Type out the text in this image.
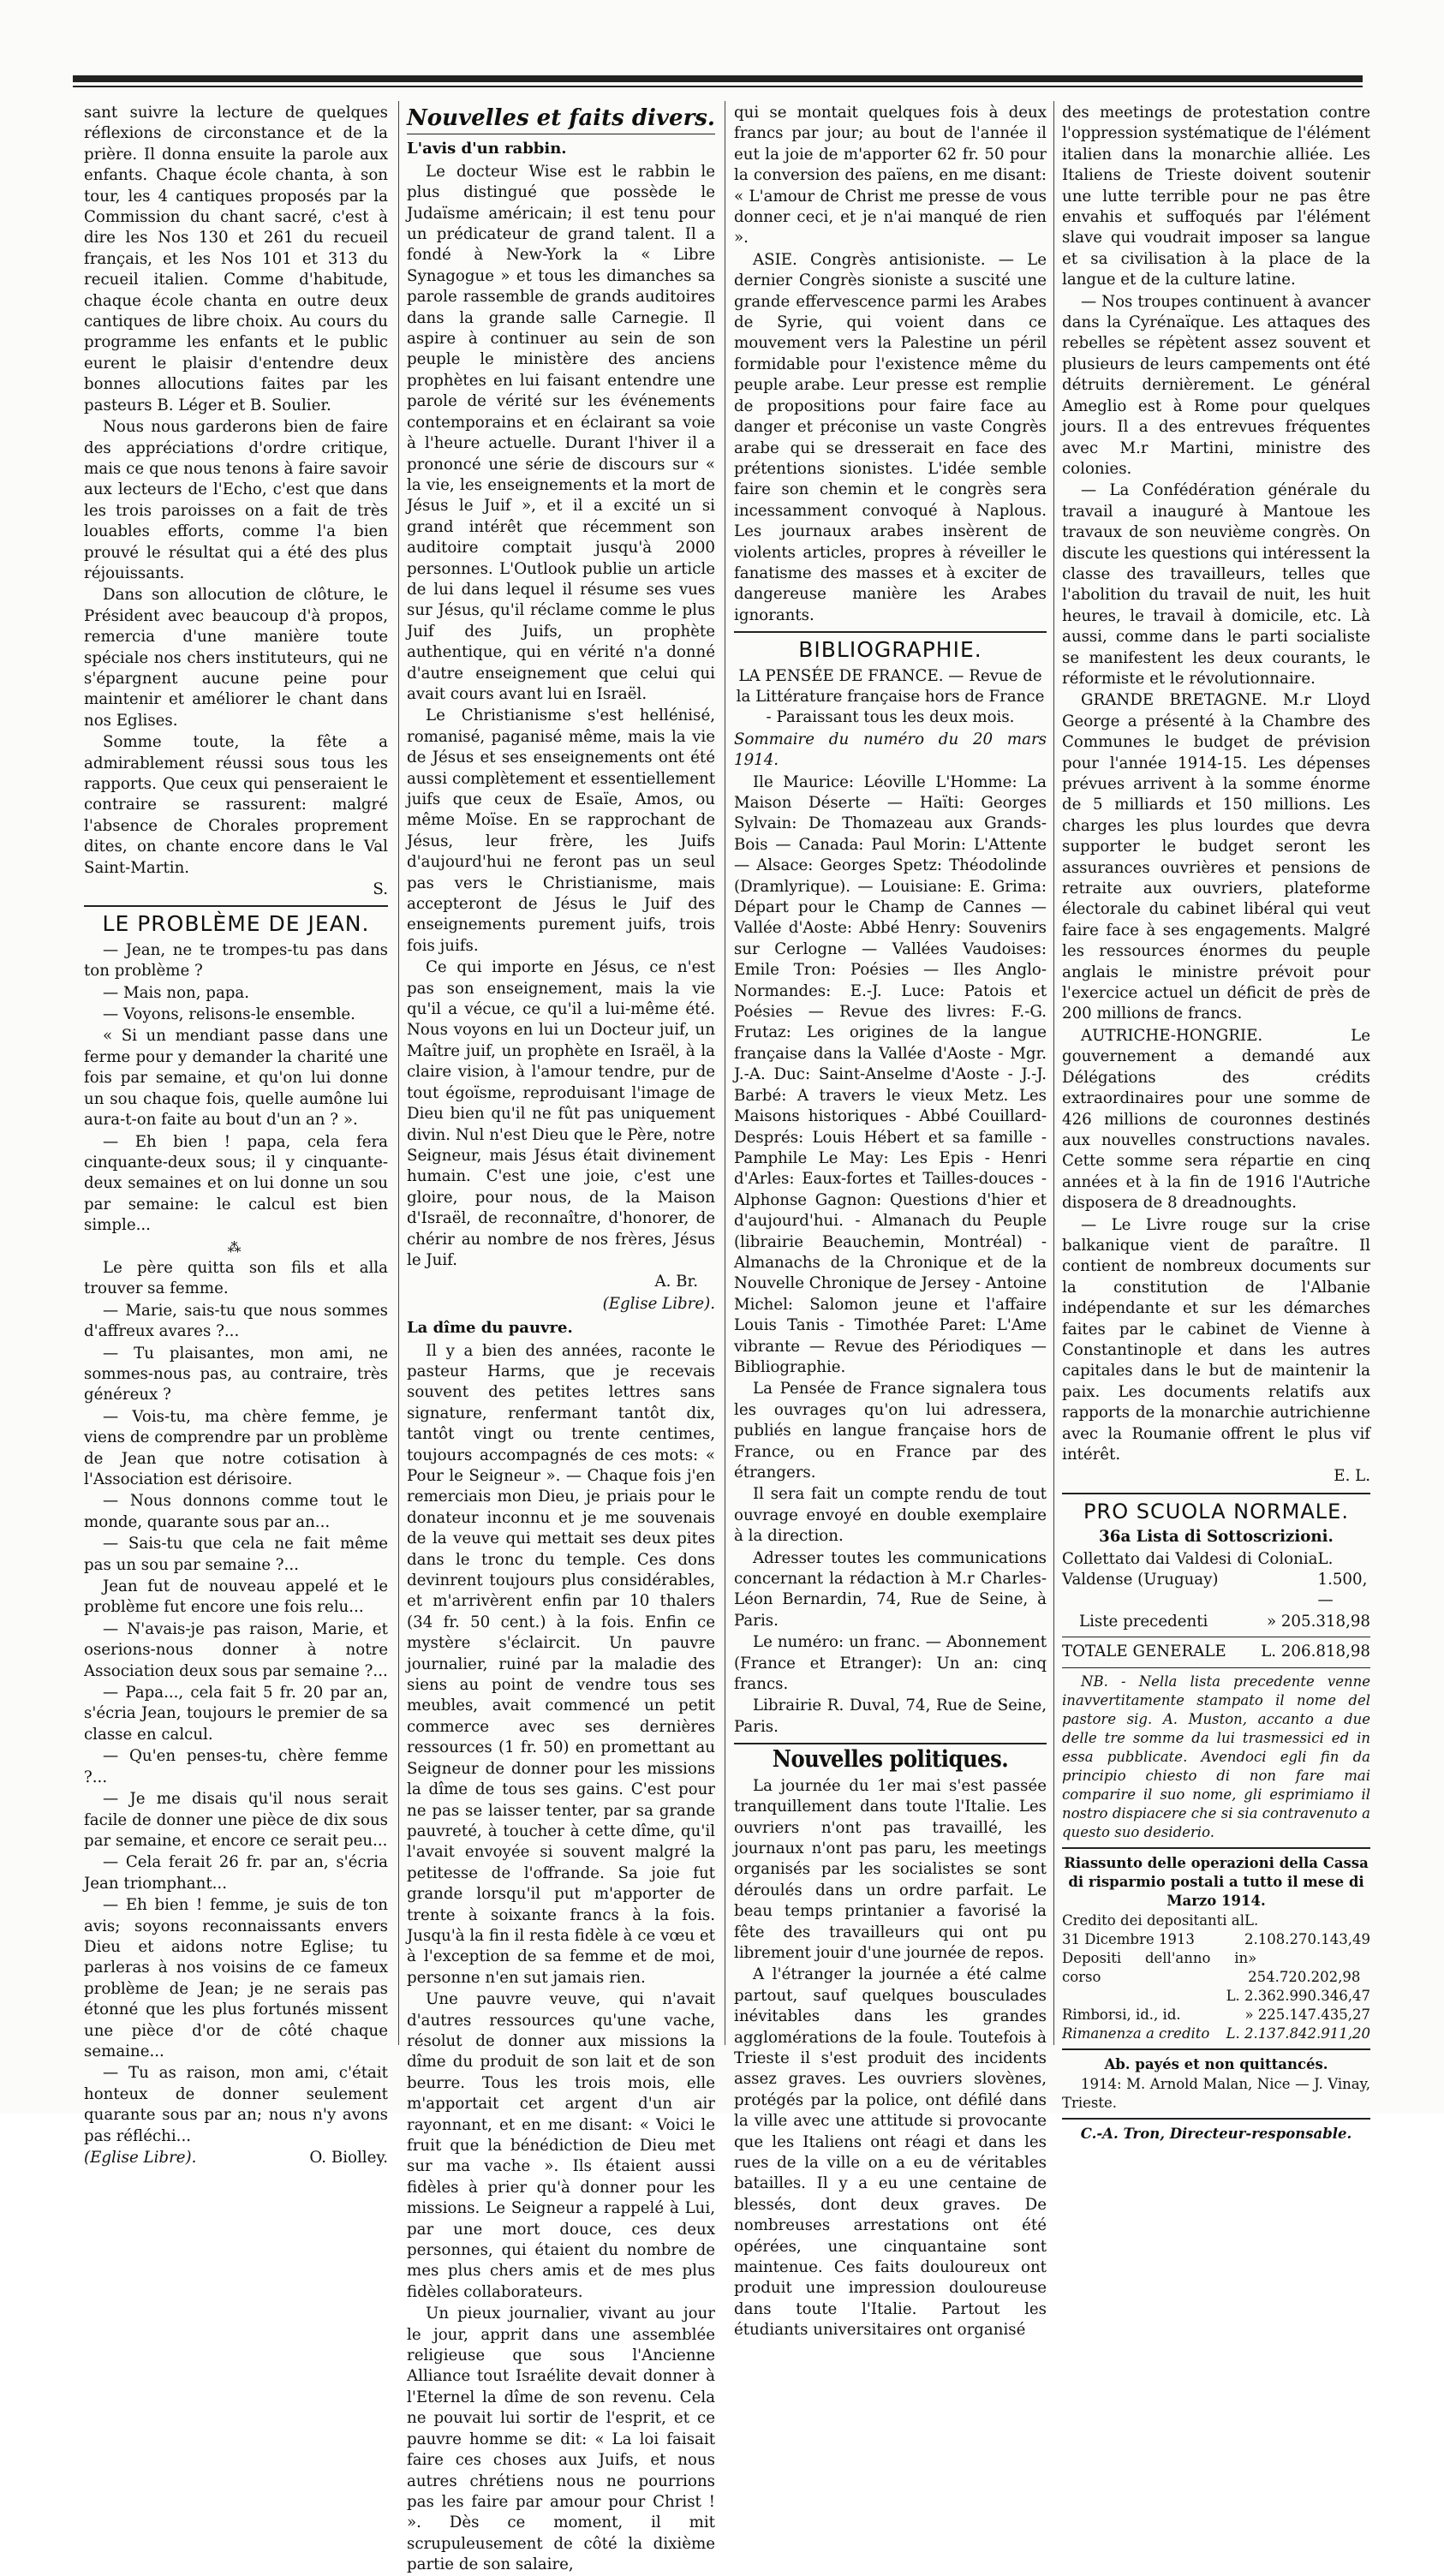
sant suivre la lecture de quelques réflexions de circonstance et de la prière. Il donna ensuite la parole aux enfants. Chaque école chanta, à son tour, les 4 cantiques proposés par la Commission du chant sacré, c'est à dire les Nos 130 et 261 du recueil français, et les Nos 101 et 313 du recueil italien. Comme d'habitude, chaque école chanta en outre deux cantiques de libre choix. Au cours du programme les enfants et le public eurent le plaisir d'entendre deux bonnes allocutions faites par les pasteurs B. Léger et B. Soulier.

Nous nous garderons bien de faire des appréciations d'ordre critique, mais ce que nous tenons à faire savoir aux lecteurs de l'Echo, c'est que dans les trois paroisses on a fait de très louables efforts, comme l'a bien prouvé le résultat qui a été des plus réjouissants.

Dans son allocution de clôture, le Président avec beaucoup d'à propos, remercia d'une manière toute spéciale nos chers instituteurs, qui ne s'épargnent aucune peine pour maintenir et améliorer le chant dans nos Eglises.

Somme toute, la fête a admirablement réussi sous tous les rapports. Que ceux qui penseraient le contraire se rassurent: malgré l'absence de Chorales proprement dites, on chante encore dans le Val Saint-Martin.

S.

LE PROBLÈME DE JEAN.

— Jean, ne te trompes-tu pas dans ton problème ?

— Mais non, papa.

— Voyons, relisons-le ensemble.

« Si un mendiant passe dans une ferme pour y demander la charité une fois par semaine, et qu'on lui donne un sou chaque fois, quelle aumône lui aura-t-on faite au bout d'un an ? ».

— Eh bien ! papa, cela fera cinquante-deux sous; il y cinquante-deux semaines et on lui donne un sou par semaine: le calcul est bien simple...

⁂

Le père quitta son fils et alla trouver sa femme.

— Marie, sais-tu que nous sommes d'affreux avares ?...

— Tu plaisantes, mon ami, ne sommes-nous pas, au contraire, très généreux ?

— Vois-tu, ma chère femme, je viens de comprendre par un problème de Jean que notre cotisation à l'Association est dérisoire.

— Nous donnons comme tout le monde, quarante sous par an...

— Sais-tu que cela ne fait même pas un sou par semaine ?...

Jean fut de nouveau appelé et le problème fut encore une fois relu...

— N'avais-je pas raison, Marie, et oserions-nous donner à notre Association deux sous par semaine ?...

— Papa..., cela fait 5 fr. 20 par an, s'écria Jean, toujours le premier de sa classe en calcul.

— Qu'en penses-tu, chère femme ?...

— Je me disais qu'il nous serait facile de donner une pièce de dix sous par semaine, et encore ce serait peu...

— Cela ferait 26 fr. par an, s'écria Jean triomphant...

— Eh bien ! femme, je suis de ton avis; soyons reconnaissants envers Dieu et aidons notre Eglise; tu parleras à nos voisins de ce fameux problème de Jean; je ne serais pas étonné que les plus fortunés missent une pièce d'or de côté chaque semaine...

— Tu as raison, mon ami, c'était honteux de donner seulement quarante sous par an; nous n'y avons pas réfléchi...

(Eglise Libre).	O. Biolley.
Nouvelles et faits divers.
L'avis d'un rabbin.

Le docteur Wise est le rabbin le plus distingué que possède le Judaïsme américain; il est tenu pour un prédicateur de grand talent. Il a fondé à New-York la « Libre Synagogue » et tous les dimanches sa parole rassemble de grands auditoires dans la grande salle Carnegie. Il aspire à continuer au sein de son peuple le ministère des anciens prophètes en lui faisant entendre une parole de vérité sur les événements contemporains et en éclairant sa voie à l'heure actuelle. Durant l'hiver il a prononcé une série de discours sur « la vie, les enseignements et la mort de Jésus le Juif », et il a excité un si grand intérêt que récemment son auditoire comptait jusqu'à 2000 personnes. L'Outlook publie un article de lui dans lequel il résume ses vues sur Jésus, qu'il réclame comme le plus Juif des Juifs, un prophète authentique, qui en vérité n'a donné d'autre enseignement que celui qui avait cours avant lui en Israël.

Le Christianisme s'est hellénisé, romanisé, paganisé même, mais la vie de Jésus et ses enseignements ont été aussi complètement et essentiellement juifs que ceux de Esaïe, Amos, ou même Moïse. En se rapprochant de Jésus, leur frère, les Juifs d'aujourd'hui ne feront pas un seul pas vers le Christianisme, mais accepteront de Jésus le Juif des enseignements purement juifs, trois fois juifs.

Ce qui importe en Jésus, ce n'est pas son enseignement, mais la vie qu'il a vécue, ce qu'il a lui-même été. Nous voyons en lui un Docteur juif, un Maître juif, un prophète en Israël, à la claire vision, à l'amour tendre, pur de tout égoïsme, reproduisant l'image de Dieu bien qu'il ne fût pas uniquement divin. Nul n'est Dieu que le Père, notre Seigneur, mais Jésus était divinement humain. C'est une joie, c'est une gloire, pour nous, de la Maison d'Israël, de reconnaître, d'honorer, de chérir au nombre de nos frères, Jésus le Juif.

A. Br.

(Eglise Libre).

La dîme du pauvre.

Il y a bien des années, raconte le pasteur Harms, que je recevais souvent des petites lettres sans signature, renfermant tantôt dix, tantôt vingt ou trente centimes, toujours accompagnés de ces mots: « Pour le Seigneur ». — Chaque fois j'en remerciais mon Dieu, je priais pour le donateur inconnu et je me souvenais de la veuve qui mettait ses deux pites dans le tronc du temple. Ces dons devinrent toujours plus considérables, et m'arrivèrent enfin par 10 thalers (34 fr. 50 cent.) à la fois. Enfin ce mystère s'éclaircit. Un pauvre journalier, ruiné par la maladie des siens au point de vendre tous ses meubles, avait commencé un petit commerce avec ses dernières ressources (1 fr. 50) en promettant au Seigneur de donner pour les missions la dîme de tous ses gains. C'est pour ne pas se laisser tenter, par sa grande pauvreté, à toucher à cette dîme, qu'il l'avait envoyée si souvent malgré la petitesse de l'offrande. Sa joie fut grande lorsqu'il put m'apporter de trente à soixante francs à la fois. Jusqu'à la fin il resta fidèle à ce vœu et à l'exception de sa femme et de moi, personne n'en sut jamais rien.

Une pauvre veuve, qui n'avait d'autres ressources qu'une vache, résolut de donner aux missions la dîme du produit de son lait et de son beurre. Tous les trois mois, elle m'apportait cet argent d'un air rayonnant, et en me disant: « Voici le fruit que la bénédiction de Dieu met sur ma vache ». Ils étaient aussi fidèles à prier qu'à donner pour les missions. Le Seigneur a rappelé à Lui, par une mort douce, ces deux personnes, qui étaient du nombre de mes plus chers amis et de mes plus fidèles collaborateurs.

Un pieux journalier, vivant au jour le jour, apprit dans une assemblée religieuse que sous l'Ancienne Alliance tout Israélite devait donner à l'Eternel la dîme de son revenu. Cela ne pouvait lui sortir de l'esprit, et ce pauvre homme se dit: « La loi faisait faire ces choses aux Juifs, et nous autres chrétiens nous ne pourrions pas les faire par amour pour Christ ! ». Dès ce moment, il mit scrupuleusement de côté la dixième partie de son salaire,

qui se montait quelques fois à deux francs par jour; au bout de l'année il eut la joie de m'apporter 62 fr. 50 pour la conversion des païens, en me disant: « L'amour de Christ me presse de vous donner ceci, et je n'ai manqué de rien ».

ASIE. Congrès antisioniste. — Le dernier Congrès sioniste a suscité une grande effervescence parmi les Arabes de Syrie, qui voient dans ce mouvement vers la Palestine un péril formidable pour l'existence même du peuple arabe. Leur presse est remplie de propositions pour faire face au danger et préconise un vaste Congrès arabe qui se dresserait en face des prétentions sionistes. L'idée semble faire son chemin et le congrès sera incessamment convoqué à Naplous. Les journaux arabes insèrent de violents articles, propres à réveiller le fanatisme des masses et à exciter de dangereuse manière les Arabes ignorants.

BIBLIOGRAPHIE.

LA PENSÉE DE FRANCE. — Revue de la Littérature française hors de France - Paraissant tous les deux mois.

Sommaire du numéro du 20 mars 1914.

Ile Maurice: Léoville L'Homme: La Maison Déserte — Haïti: Georges Sylvain: De Thomazeau aux Grands-Bois — Canada: Paul Morin: L'Attente — Alsace: Georges Spetz: Théodolinde (Dramlyrique). — Louisiane: E. Grima: Départ pour le Champ de Cannes — Vallée d'Aoste: Abbé Henry: Souvenirs sur Cerlogne — Vallées Vaudoises: Emile Tron: Poésies — Iles Anglo-Normandes: E.-J. Luce: Patois et Poésies — Revue des livres: F.-G. Frutaz: Les origines de la langue française dans la Vallée d'Aoste - Mgr. J.-A. Duc: Saint-Anselme d'Aoste - J.-J. Barbé: A travers le vieux Metz. Les Maisons historiques - Abbé Couillard-Després: Louis Hébert et sa famille - Pamphile Le May: Les Epis - Henri d'Arles: Eaux-fortes et Tailles-douces - Alphonse Gagnon: Questions d'hier et d'aujourd'hui. - Almanach du Peuple (librairie Beauchemin, Montréal) - Almanachs de la Chronique et de la Nouvelle Chronique de Jersey - Antoine Michel: Salomon jeune et l'affaire Louis Tanis - Timothée Paret: L'Ame vibrante — Revue des Périodiques — Bibliographie.

La Pensée de France signalera tous les ouvrages qu'on lui adressera, publiés en langue française hors de France, ou en France par des étrangers.

Il sera fait un compte rendu de tout ouvrage envoyé en double exemplaire à la direction.

Adresser toutes les communications concernant la rédaction à M.r Charles-Léon Bernardin, 74, Rue de Seine, à Paris.

Le numéro: un franc. — Abonnement (France et Etranger): Un an: cinq francs.

Librairie R. Duval, 74, Rue de Seine, Paris.

Nouvelles politiques.

La journée du 1er mai s'est passée tranquillement dans toute l'Italie. Les ouvriers n'ont pas travaillé, les journaux n'ont pas paru, les meetings organisés par les socialistes se sont déroulés dans un ordre parfait. Le beau temps printanier a favorisé la fête des travailleurs qui ont pu librement jouir d'une journée de repos.

A l'étranger la journée a été calme partout, sauf quelques bousculades inévitables dans les grandes agglomérations de la foule. Toutefois à Trieste il s'est produit des incidents assez graves. Les ouvriers slovènes, protégés par la police, ont défilé dans la ville avec une attitude si provocante que les Italiens ont réagi et dans les rues de la ville on a eu de véritables batailles. Il y a eu une centaine de blessés, dont deux graves. De nombreuses arrestations ont été opérées, une cinquantaine sont maintenue. Ces faits douloureux ont produit une impression douloureuse dans toute l'Italie. Partout les étudiants universitaires ont organisé

des meetings de protestation contre l'oppression systématique de l'élément italien dans la monarchie alliée. Les Italiens de Trieste doivent soutenir une lutte terrible pour ne pas être envahis et suffoqués par l'élément slave qui voudrait imposer sa langue et sa civilisation à la place de la langue et de la culture latine.

— Nos troupes continuent à avancer dans la Cyrénaïque. Les attaques des rebelles se répètent assez souvent et plusieurs de leurs campements ont été détruits dernièrement. Le général Ameglio est à Rome pour quelques jours. Il a des entrevues fréquentes avec M.r Martini, ministre des colonies.

— La Confédération générale du travail a inauguré à Mantoue les travaux de son neuvième congrès. On discute les questions qui intéressent la classe des travailleurs, telles que l'abolition du travail de nuit, les huit heures, le travail à domicile, etc. Là aussi, comme dans le parti socialiste se manifestent les deux courants, le réformiste et le révolutionnaire.

GRANDE BRETAGNE. M.r Lloyd George a présenté à la Chambre des Communes le budget de prévision pour l'année 1914-15. Les dépenses prévues arrivent à la somme énorme de 5 milliards et 150 millions. Les charges les plus lourdes que devra supporter le budget seront les assurances ouvrières et pensions de retraite aux ouvriers, plateforme électorale du cabinet libéral qui veut faire face à ses engagements. Malgré les ressources énormes du peuple anglais le ministre prévoit pour l'exercice actuel un déficit de près de 200 millions de francs.

AUTRICHE-HONGRIE. Le gouvernement a demandé aux Délégations des crédits extraordinaires pour une somme de 426 millions de couronnes destinés aux nouvelles constructions navales. Cette somme sera répartie en cinq années et à la fin de 1916 l'Autriche disposera de 8 dreadnoughts.

— Le Livre rouge sur la crise balkanique vient de paraître. Il contient de nombreux documents sur la constitution de l'Albanie indépendante et sur les démarches faites par le cabinet de Vienne à Constantinople et dans les autres capitales dans le but de maintenir la paix. Les documents relatifs aux rapports de la monarchie autrichienne avec la Roumanie offrent le plus vif intérêt.

E. L.

PRO SCUOLA NORMALE.

36a Lista di Sottoscrizioni.

Collettato dai Valdesi di Colonia Valdense (Uruguay)
L. 1.500,—
Liste precedenti	» 205.318,98
TOTALE GENERALE L. 206.818,98

NB. - Nella lista precedente venne inavvertitamente stampato il nome del pastore sig. A. Muston, accanto a due delle tre somme da lui trasmessici ed in essa pubblicate. Avendoci egli fin da principio chiesto di non fare mai comparire il suo nome, gli esprimiamo il nostro dispiacere che si sia contravenuto a questo suo desiderio.

Riassunto delle operazioni della Cassa di risparmio postali a tutto il mese di Marzo 1914.

Credito dei depositanti al 31 Dicembre 1913
L. 2.108.270.143,49
Depositi dell'anno in corso
» 254.720.202,98
L. 2.362.990.346,47
Rimborsi, id., id.	» 225.147.435,27
Rimanenza a credito L. 2.137.842.911,20

Ab. payés et non quittancés.

1914: M. Arnold Malan, Nice — J. Vinay, Trieste.

C.-A. Tron, Directeur-responsable.
